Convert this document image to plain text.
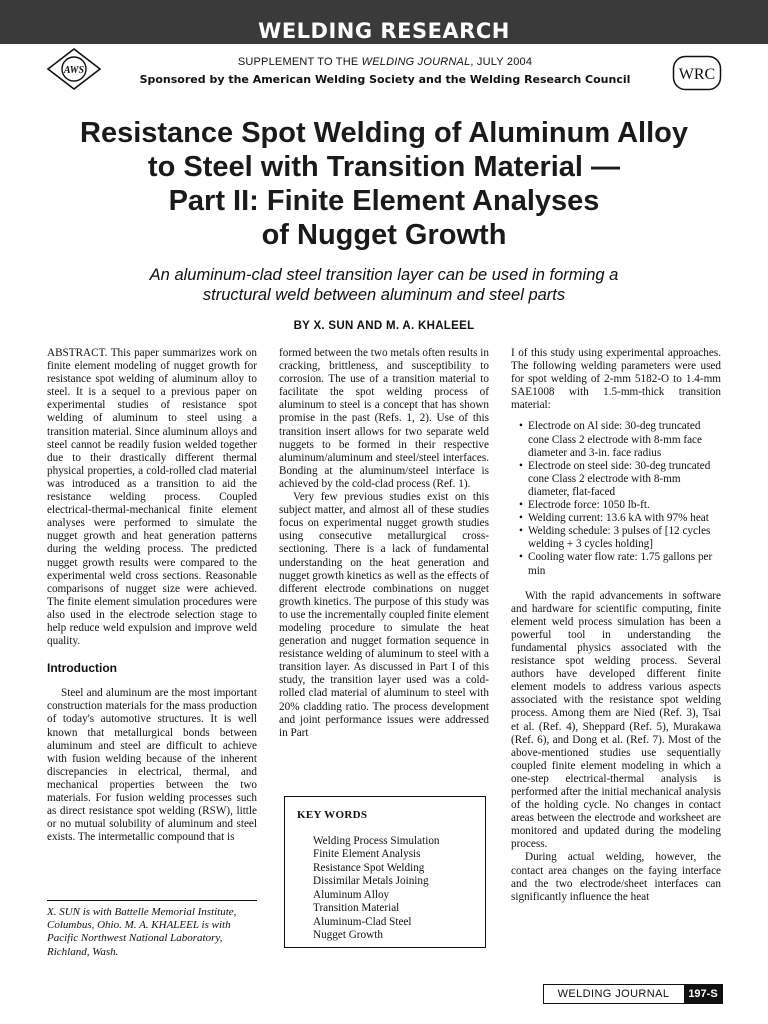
WELDING RESEARCH
AWS
SUPPLEMENT TO THE WELDING JOURNAL, JULY 2004
Sponsored by the American Welding Society and the Welding Research Council	WRC
Resistance Spot Welding of Aluminum Alloy
to Steel with Transition Material —
Part II: Finite Element Analyses
of Nugget Growth
An aluminum-clad steel transition layer can be used in forming a
structural weld between aluminum and steel parts
BY X. SUN AND M. A. KHALEEL

ABSTRACT. This paper summarizes work on finite element modeling of nugget growth for resistance spot welding of aluminum alloy to steel. It is a sequel to a previous paper on experimental studies of resistance spot welding of aluminum to steel using a transition material. Since aluminum alloys and steel cannot be readily fusion welded together due to their drastically different thermal physical properties, a cold-rolled clad material was introduced as a transition to aid the resistance welding process. Coupled electrical-thermal-mechanical finite element analyses were performed to simulate the nugget growth and heat generation patterns during the welding process. The predicted nugget growth results were compared to the experimental weld cross sections. Reasonable comparisons of nugget size were achieved. The finite element simulation procedures were also used in the electrode selection stage to help reduce weld expulsion and improve weld quality.

Introduction

Steel and aluminum are the most important construction materials for the mass production of today's automotive structures. It is well known that metallurgical bonds between aluminum and steel are difficult to achieve with fusion welding because of the inherent discrepancies in electrical, thermal, and mechanical properties between the two materials. For fusion welding processes such as direct resistance spot welding (RSW), little or no mutual solubility of aluminum and steel exists. The intermetallic compound that is

X. SUN is with Battelle Memorial Institute, Columbus, Ohio. M. A. KHALEEL is with Pacific Northwest National Laboratory, Richland, Wash.

formed between the two metals often results in cracking, brittleness, and susceptibility to corrosion. The use of a transition material to facilitate the spot welding process of aluminum to steel is a concept that has shown promise in the past (Refs. 1, 2). Use of this transition insert allows for two separate weld nuggets to be formed in their respective aluminum/aluminum and steel/steel interfaces. Bonding at the aluminum/steel interface is achieved by the cold-clad process (Ref. 1).

Very few previous studies exist on this subject matter, and almost all of these studies focus on experimental nugget growth studies using consecutive metallurgical cross-sectioning. There is a lack of fundamental understanding on the heat generation and nugget growth kinetics as well as the effects of different electrode combinations on nugget growth kinetics. The purpose of this study was to use the incrementally coupled finite element modeling procedure to simulate the heat generation and nugget formation sequence in resistance welding of aluminum to steel with a transition layer. As discussed in Part I of this study, the transition layer used was a cold-rolled clad material of aluminum to steel with 20% cladding ratio. The process development and joint performance issues were addressed in Part

KEY WORDS
Welding Process Simulation
Finite Element Analysis
Resistance Spot Welding
Dissimilar Metals Joining
Aluminum Alloy
Transition Material
Aluminum-Clad Steel
Nugget Growth

I of this study using experimental approaches. The following welding parameters were used for spot welding of 2-mm 5182-O to 1.4-mm SAE1008 with 1.5-mm-thick transition material:

• Electrode on Al side: 30-deg truncated cone Class 2 electrode with 8-mm face diameter and 3-in. face radius
• Electrode on steel side: 30-deg truncated cone Class 2 electrode with 8-mm diameter, flat-faced
• Electrode force: 1050 lb-ft.
• Welding current: 13.6 kA with 97% heat
• Welding schedule: 3 pulses of [12 cycles welding + 3 cycles holding]
• Cooling water flow rate: 1.75 gallons per min

With the rapid advancements in software and hardware for scientific computing, finite element weld process simulation has been a powerful tool in understanding the fundamental physics associated with the resistance spot welding process. Several authors have developed different finite element models to address various aspects associated with the resistance spot welding process. Among them are Nied (Ref. 3), Tsai et al. (Ref. 4), Sheppard (Ref. 5), Murakawa (Ref. 6), and Dong et al. (Ref. 7). Most of the above-mentioned studies use sequentially coupled finite element modeling in which a one-step electrical-thermal analysis is performed after the initial mechanical analysis of the holding cycle. No changes in contact areas between the electrode and worksheet are monitored and updated during the modeling process.

During actual welding, however, the contact area changes on the faying interface and the two electrode/sheet interfaces can significantly influence the heat

WELDING JOURNAL	197-S
